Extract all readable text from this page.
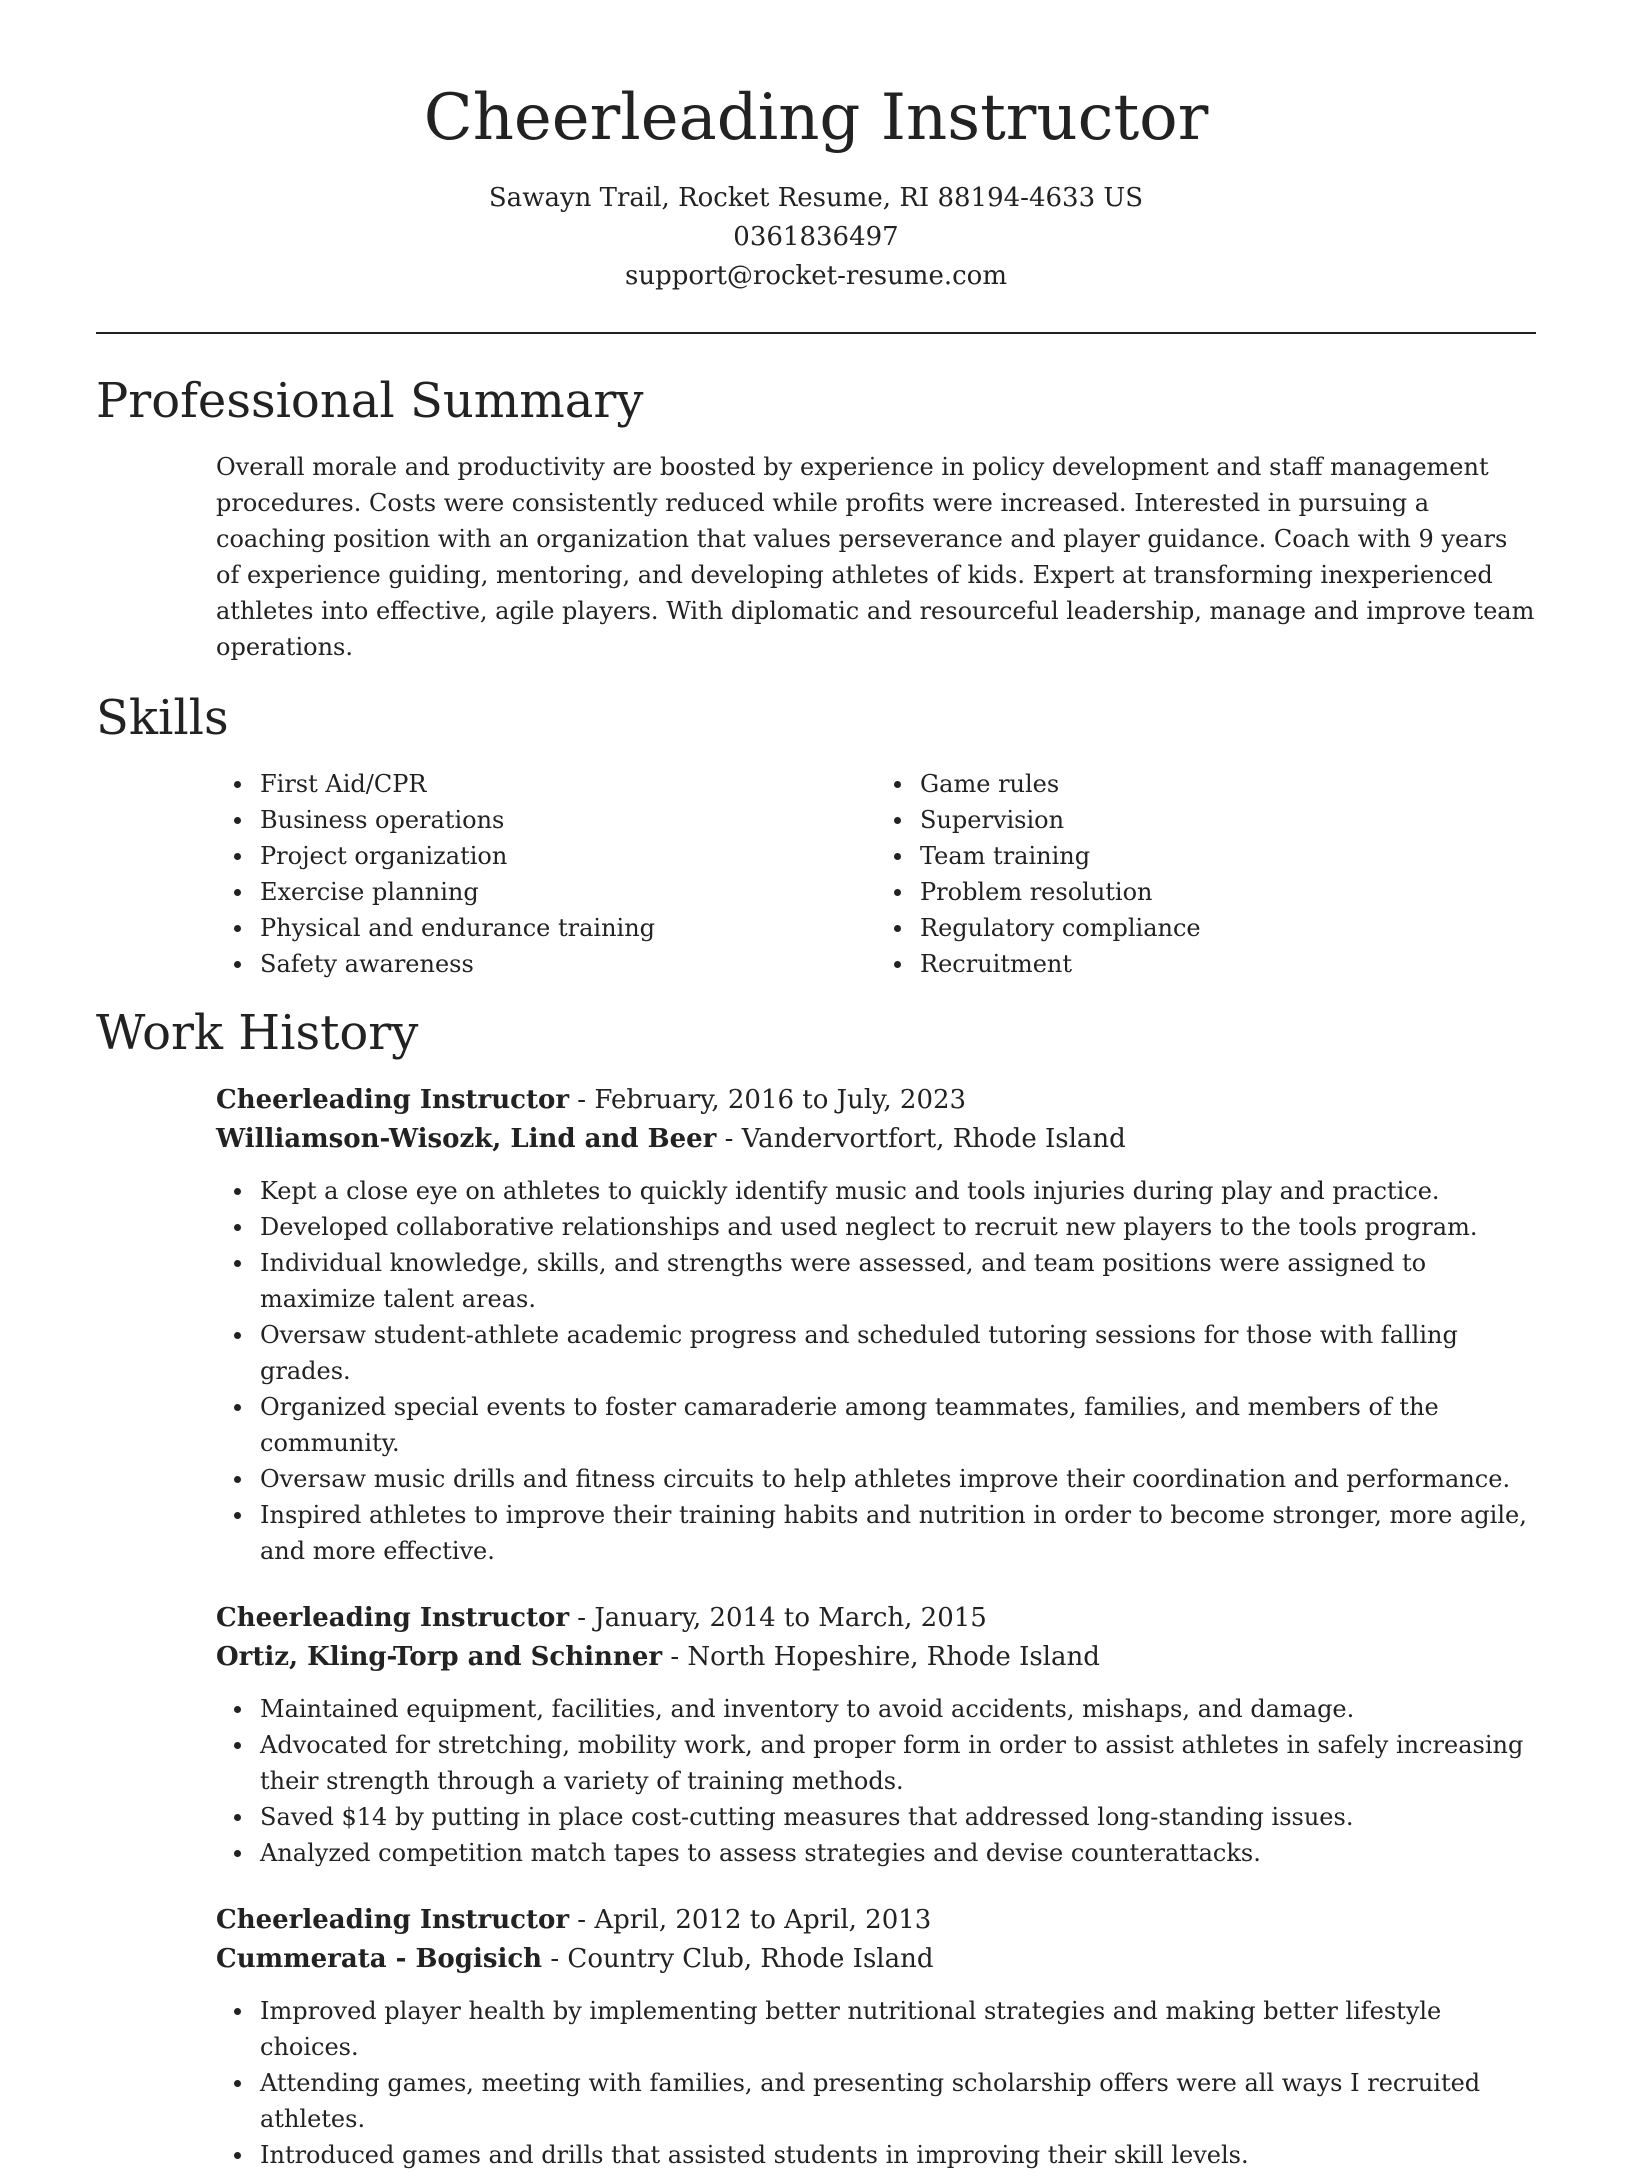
Cheerleading Instructor
Sawayn Trail, Rocket Resume, RI 88194-4633 US
0361836497
support@rocket-resume.com
Professional Summary

Overall morale and productivity are boosted by experience in policy development and staff management procedures. Costs were consistently reduced while profits were increased. Interested in pursuing a coaching position with an organization that values perseverance and player guidance. Coach with 9 years of experience guiding, mentoring, and developing athletes of kids. Expert at transforming inexperienced athletes into effective, agile players. With diplomatic and resourceful leadership, manage and improve team operations.

Skills
First Aid/CPR
Business operations
Project organization
Exercise planning
Physical and endurance training
Safety awareness
Game rules
Supervision
Team training
Problem resolution
Regulatory compliance
Recruitment
Work History
Cheerleading Instructor - February, 2016 to July, 2023
Williamson-Wisozk, Lind and Beer - Vandervortfort, Rhode Island
Kept a close eye on athletes to quickly identify music and tools injuries during play and practice.
Developed collaborative relationships and used neglect to recruit new players to the tools program.
Individual knowledge, skills, and strengths were assessed, and team positions were assigned to maximize talent areas.
Oversaw student-athlete academic progress and scheduled tutoring sessions for those with falling grades.
Organized special events to foster camaraderie among teammates, families, and members of the community.
Oversaw music drills and fitness circuits to help athletes improve their coordination and performance.
Inspired athletes to improve their training habits and nutrition in order to become stronger, more agile, and more effective.
Cheerleading Instructor - January, 2014 to March, 2015
Ortiz, Kling-Torp and Schinner - North Hopeshire, Rhode Island
Maintained equipment, facilities, and inventory to avoid accidents, mishaps, and damage.
Advocated for stretching, mobility work, and proper form in order to assist athletes in safely increasing their strength through a variety of training methods.
Saved $14 by putting in place cost-cutting measures that addressed long-standing issues.
Analyzed competition match tapes to assess strategies and devise counterattacks.
Cheerleading Instructor - April, 2012 to April, 2013
Cummerata - Bogisich - Country Club, Rhode Island
Improved player health by implementing better nutritional strategies and making better lifestyle choices.
Attending games, meeting with families, and presenting scholarship offers were all ways I recruited athletes.
Introduced games and drills that assisted students in improving their skill levels.
